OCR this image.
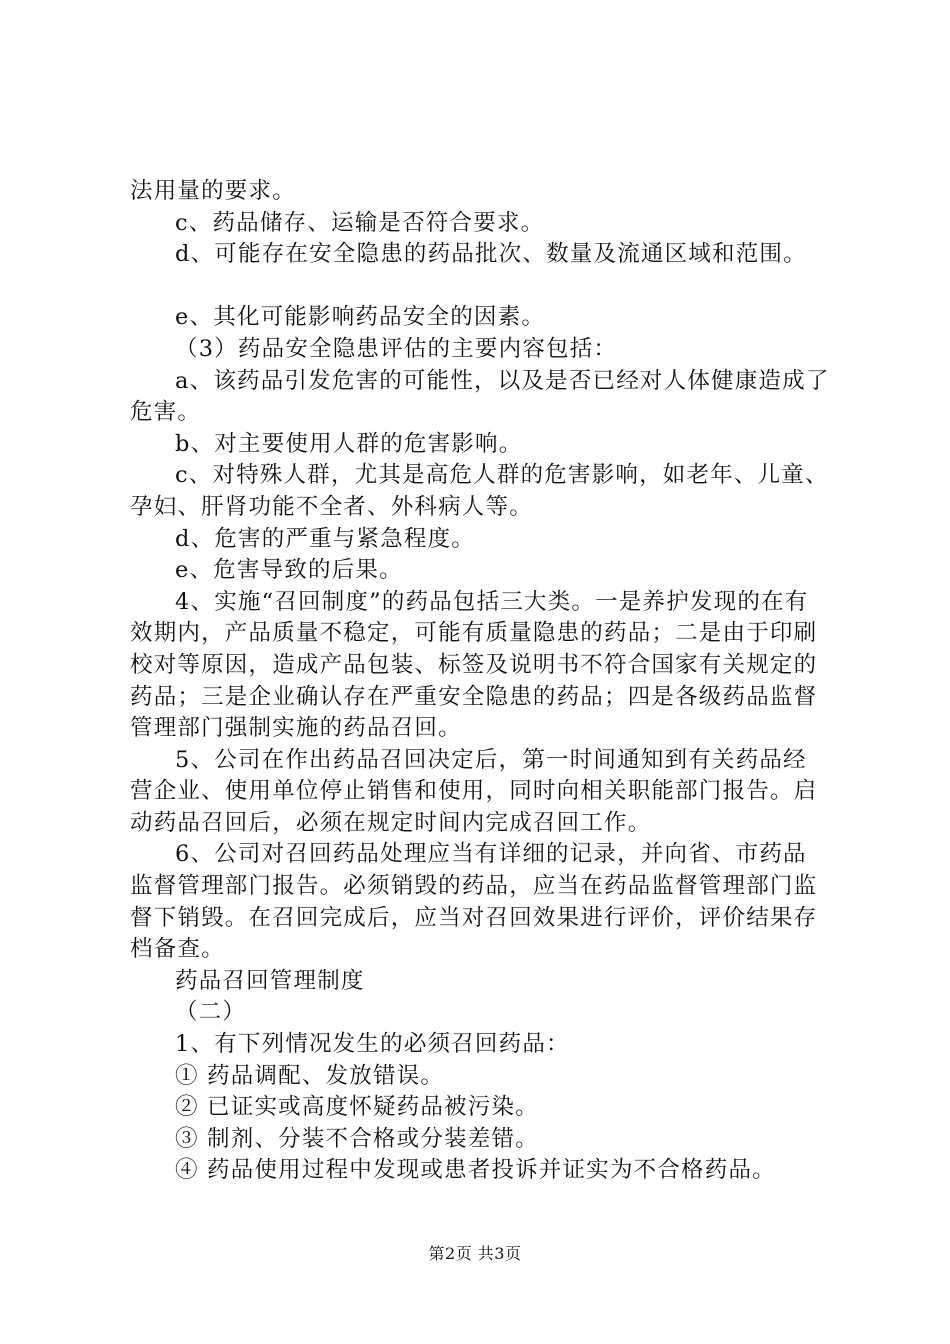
法用量的要求。

c、药品储存、运输是否符合要求。

d、可能存在安全隐患的药品批次、数量及流通区域和范围。

e、其化可能影响药品安全的因素。

（3）药品安全隐患评估的主要内容包括：

a、该药品引发危害的可能性，以及是否已经对人体健康造成了危害。

b、对主要使用人群的危害影响。

c、对特殊人群，尤其是高危人群的危害影响，如老年、儿童、孕妇、肝肾功能不全者、外科病人等。

d、危害的严重与紧急程度。

e、危害导致的后果。

4、实施“召回制度”的药品包括三大类。一是养护发现的在有效期内，产品质量不稳定，可能有质量隐患的药品；二是由于印刷校对等原因，造成产品包装、标签及说明书不符合国家有关规定的药品；三是企业确认存在严重安全隐患的药品；四是各级药品监督管理部门强制实施的药品召回。

5、公司在作出药品召回决定后，第一时间通知到有关药品经营企业、使用单位停止销售和使用，同时向相关职能部门报告。启动药品召回后，必须在规定时间内完成召回工作。

6、公司对召回药品处理应当有详细的记录，并向省、市药品监督管理部门报告。必须销毁的药品，应当在药品监督管理部门监督下销毁。在召回完成后，应当对召回效果进行评价，评价结果存档备查。

药品召回管理制度

（二）

1、有下列情况发生的必须召回药品：

① 药品调配、发放错误。

② 已证实或高度怀疑药品被污染。

③ 制剂、分装不合格或分装差错。

④ 药品使用过程中发现或患者投诉并证实为不合格药品。

第2页 共3页
